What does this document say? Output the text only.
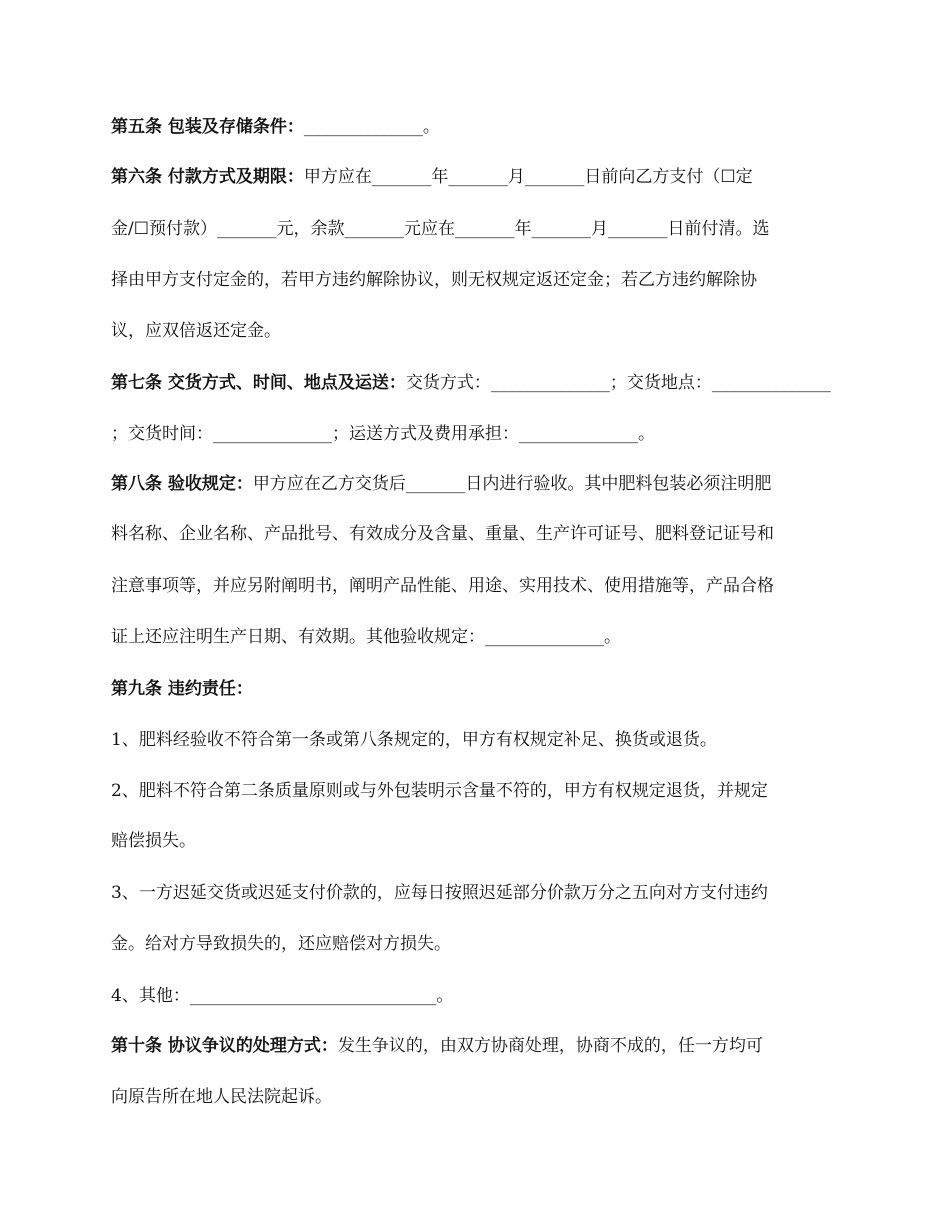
第五条 包装及存储条件：______________。
第六条 付款方式及期限：甲方应在_______年_______月_______日前向乙方支付（☐定
金/☐预付款）_______元，余款_______元应在_______年_______月_______日前付清。选
择由甲方支付定金的，若甲方违约解除协议，则无权规定返还定金；若乙方违约解除协
议，应双倍返还定金。
第七条 交货方式、时间、地点及运送：交货方式：______________；交货地点：______________
；交货时间：______________；运送方式及费用承担：______________。
第八条 验收规定：甲方应在乙方交货后_______日内进行验收。其中肥料包装必须注明肥
料名称、企业名称、产品批号、有效成分及含量、重量、生产许可证号、肥料登记证号和
注意事项等，并应另附阐明书，阐明产品性能、用途、实用技术、使用措施等，产品合格
证上还应注明生产日期、有效期。其他验收规定：______________。
第九条 违约责任：
1、肥料经验收不符合第一条或第八条规定的，甲方有权规定补足、换货或退货。
2、肥料不符合第二条质量原则或与外包装明示含量不符的，甲方有权规定退货，并规定
赔偿损失。
3、一方迟延交货或迟延支付价款的，应每日按照迟延部分价款万分之五向对方支付违约
金。给对方导致损失的，还应赔偿对方损失。
4、其他：_____________________________。
第十条 协议争议的处理方式：发生争议的，由双方协商处理，协商不成的，任一方均可
向原告所在地人民法院起诉。
